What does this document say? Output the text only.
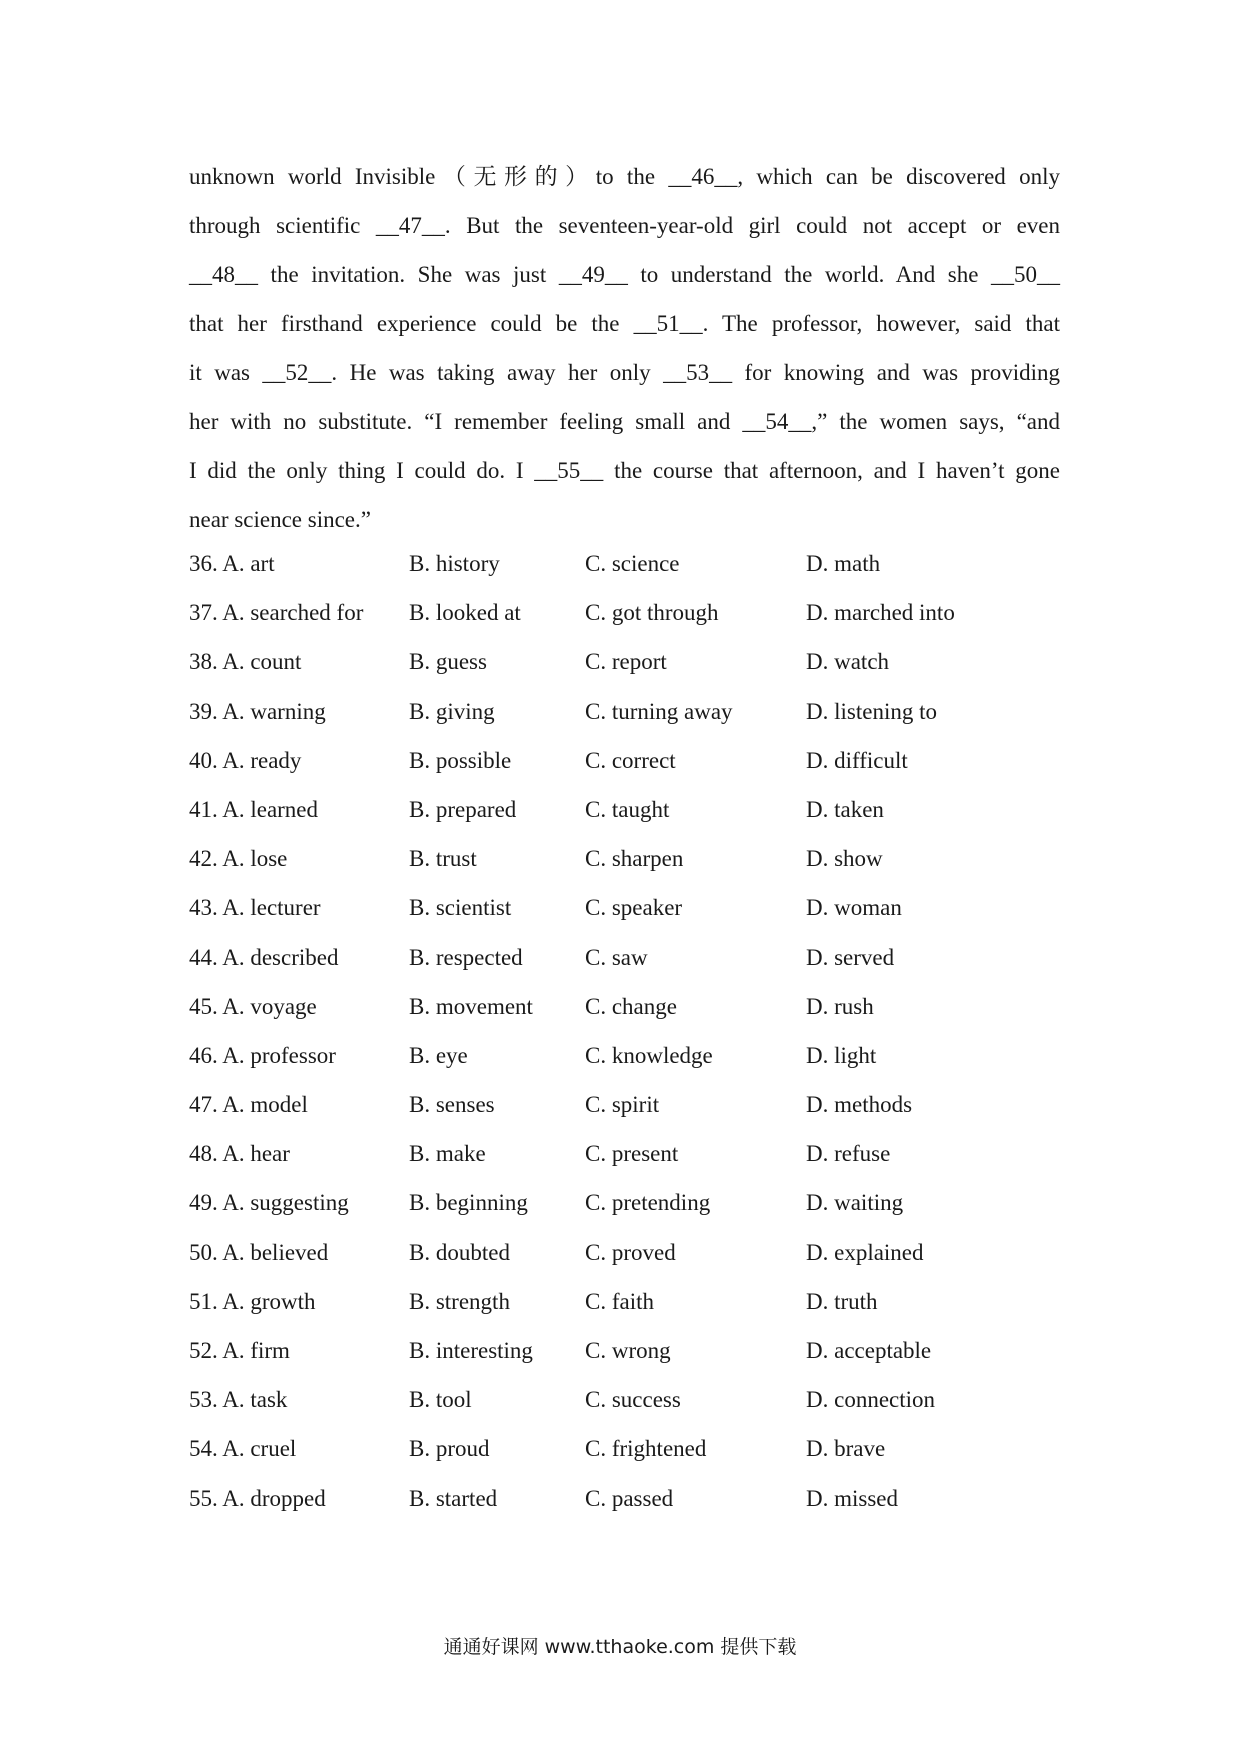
unknown world Invisible（无形的）to the __46__, which can be discovered only
through scientific __47__. But the seventeen-year-old girl could not accept or even
__48__ the invitation. She was just __49__ to understand the world. And she __50__
that her firsthand experience could be the __51__. The professor, however, said that
it was __52__. He was taking away her only __53__ for knowing and was providing
her with no substitute. “I remember feeling small and __54__,” the women says, “and
I did the only thing I could do. I __55__ the course that afternoon, and I haven’t gone
near science since.”
36. A. art	B. history	C. science	D. math
37. A. searched for B. looked at	C. got through	D. marched into
38. A. count	B. guess	C. report	D. watch
39. A. warning	B. giving	C. turning away	D. listening to
40. A. ready	B. possible	C. correct	D. difficult
41. A. learned	B. prepared	C. taught	D. taken
42. A. lose	B. trust	C. sharpen	D. show
43. A. lecturer	B. scientist	C. speaker	D. woman
44. A. described	B. respected	C. saw	D. served
45. A. voyage	B. movement C. change	D. rush
46. A. professor	B. eye	C. knowledge	D. light
47. A. model	B. senses	C. spirit	D. methods
48. A. hear	B. make	C. present	D. refuse
49. A. suggesting	B. beginning C. pretending	D. waiting
50. A. believed	B. doubted	C. proved	D. explained
51. A. growth	B. strength	C. faith	D. truth
52. A. firm	B. interesting C. wrong	D. acceptable
53. A. task	B. tool	C. success	D. connection
54. A. cruel	B. proud	C. frightened	D. brave
55. A. dropped	B. started	C. passed	D. missed
通通好课网 www.tthaoke.com 提供下载
